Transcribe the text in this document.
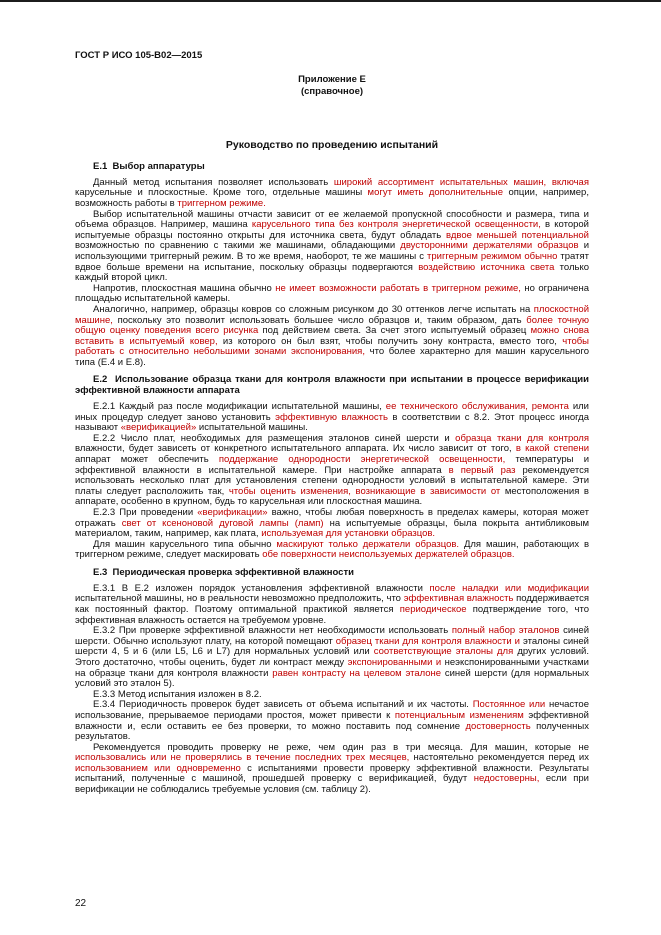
ГОСТ Р ИСО 105-В02—2015
Приложение Е
(справочное)
Руководство по проведению испытаний
Е.1  Выбор аппаратуры

Данный метод испытания позволяет использовать широкий ассортимент испытательных машин, включая карусельные и плоскостные. Кроме того, отдельные машины могут иметь дополнительные опции, например, возможность работы в триггерном режиме.

Выбор испытательной машины отчасти зависит от ее желаемой пропускной способности и размера, типа и объема образцов. Например, машина карусельного типа без контроля энергетической освещенности, в которой испытуемые образцы постоянно открыты для источника света, будут обладать вдвое меньшей потенциальной возможностью по сравнению с такими же машинами, обладающими двусторонними держателями образцов и использующими триггерный режим. В то же время, наоборот, те же машины с триггерным режимом обычно тратят вдвое больше времени на испытание, поскольку образцы подвергаются воздействию источника света только каждый второй цикл.

Напротив, плоскостная машина обычно не имеет возможности работать в триггерном режиме, но ограничена площадью испытательной камеры.

Аналогично, например, образцы ковров со сложным рисунком до 30 оттенков легче испытать на плоскостной машине, поскольку это позволит использовать большее число образцов и, таким образом, дать более точную общую оценку поведения всего рисунка под действием света. За счет этого испытуемый образец можно снова вставить в испытуемый ковер, из которого он был взят, чтобы получить зону контраста, вместо того, чтобы работать с относительно небольшими зонами экспонирования, что более характерно для машин карусельного типа (Е.4 и Е.8).

Е.2  Использование образца ткани для контроля влажности при испытании в процессе верификации эффективной влажности аппарата

Е.2.1 Каждый раз после модификации испытательной машины, ее технического обслуживания, ремонта или иных процедур следует заново установить эффективную влажность в соответствии с 8.2. Этот процесс иногда называют «верификацией» испытательной машины.

Е.2.2 Число плат, необходимых для размещения эталонов синей шерсти и образца ткани для контроля влажности, будет зависеть от конкретного испытательного аппарата. Их число зависит от того, в какой степени аппарат может обеспечить поддержание однородности энергетической освещенности, температуры и эффективной влажности в испытательной камере. При настройке аппарата в первый раз рекомендуется использовать несколько плат для установления степени однородности условий в испытательной камере. Эти платы следует расположить так, чтобы оценить изменения, возникающие в зависимости от местоположения в аппарате, особенно в крупном, будь то карусельная или плоскостная машина.

Е.2.3 При проведении «верификации» важно, чтобы любая поверхность в пределах камеры, которая может отражать свет от ксеноновой дуговой лампы (ламп) на испытуемые образцы, была покрыта антибликовым материалом, таким, например, как плата, используемая для установки образцов.

Для машин карусельного типа обычно маскируют только держатели образцов. Для машин, работающих в триггерном режиме, следует маскировать обе поверхности неиспользуемых держателей образцов.

Е.3  Периодическая проверка эффективной влажности

Е.3.1 В Е.2 изложен порядок установления эффективной влажности после наладки или модификации испытательной машины, но в реальности невозможно предположить, что эффективная влажность поддерживается как постоянный фактор. Поэтому оптимальной практикой является периодическое подтверждение того, что эффективная влажность остается на требуемом уровне.

Е.3.2 При проверке эффективной влажности нет необходимости использовать полный набор эталонов синей шерсти. Обычно используют плату, на которой помещают образец ткани для контроля влажности и эталоны синей шерсти 4, 5 и 6 (или L5, L6 и L7) для нормальных условий или соответствующие эталоны для других условий. Этого достаточно, чтобы оценить, будет ли контраст между экспонированными и неэкспонированными участками на образце ткани для контроля влажности равен контрасту на целевом эталоне синей шерсти (для нормальных условий это эталон 5).

Е.3.3 Метод испытания изложен в 8.2.

Е.3.4 Периодичность проверок будет зависеть от объема испытаний и их частоты. Постоянное или нечастое использование, прерываемое периодами простоя, может привести к потенциальным изменениям эффективной влажности и, если оставить ее без проверки, то можно поставить под сомнение достоверность полученных результатов.

Рекомендуется проводить проверку не реже, чем один раз в три месяца. Для машин, которые не использовались или не проверялись в течение последних трех месяцев, настоятельно рекомендуется перед их использованием или одновременно с испытаниями провести проверку эффективной влажности. Результаты испытаний, полученные с машиной, прошедшей проверку с верификацией, будут недостоверны, если при верификации не соблюдались требуемые условия (см. таблицу 2).

22
